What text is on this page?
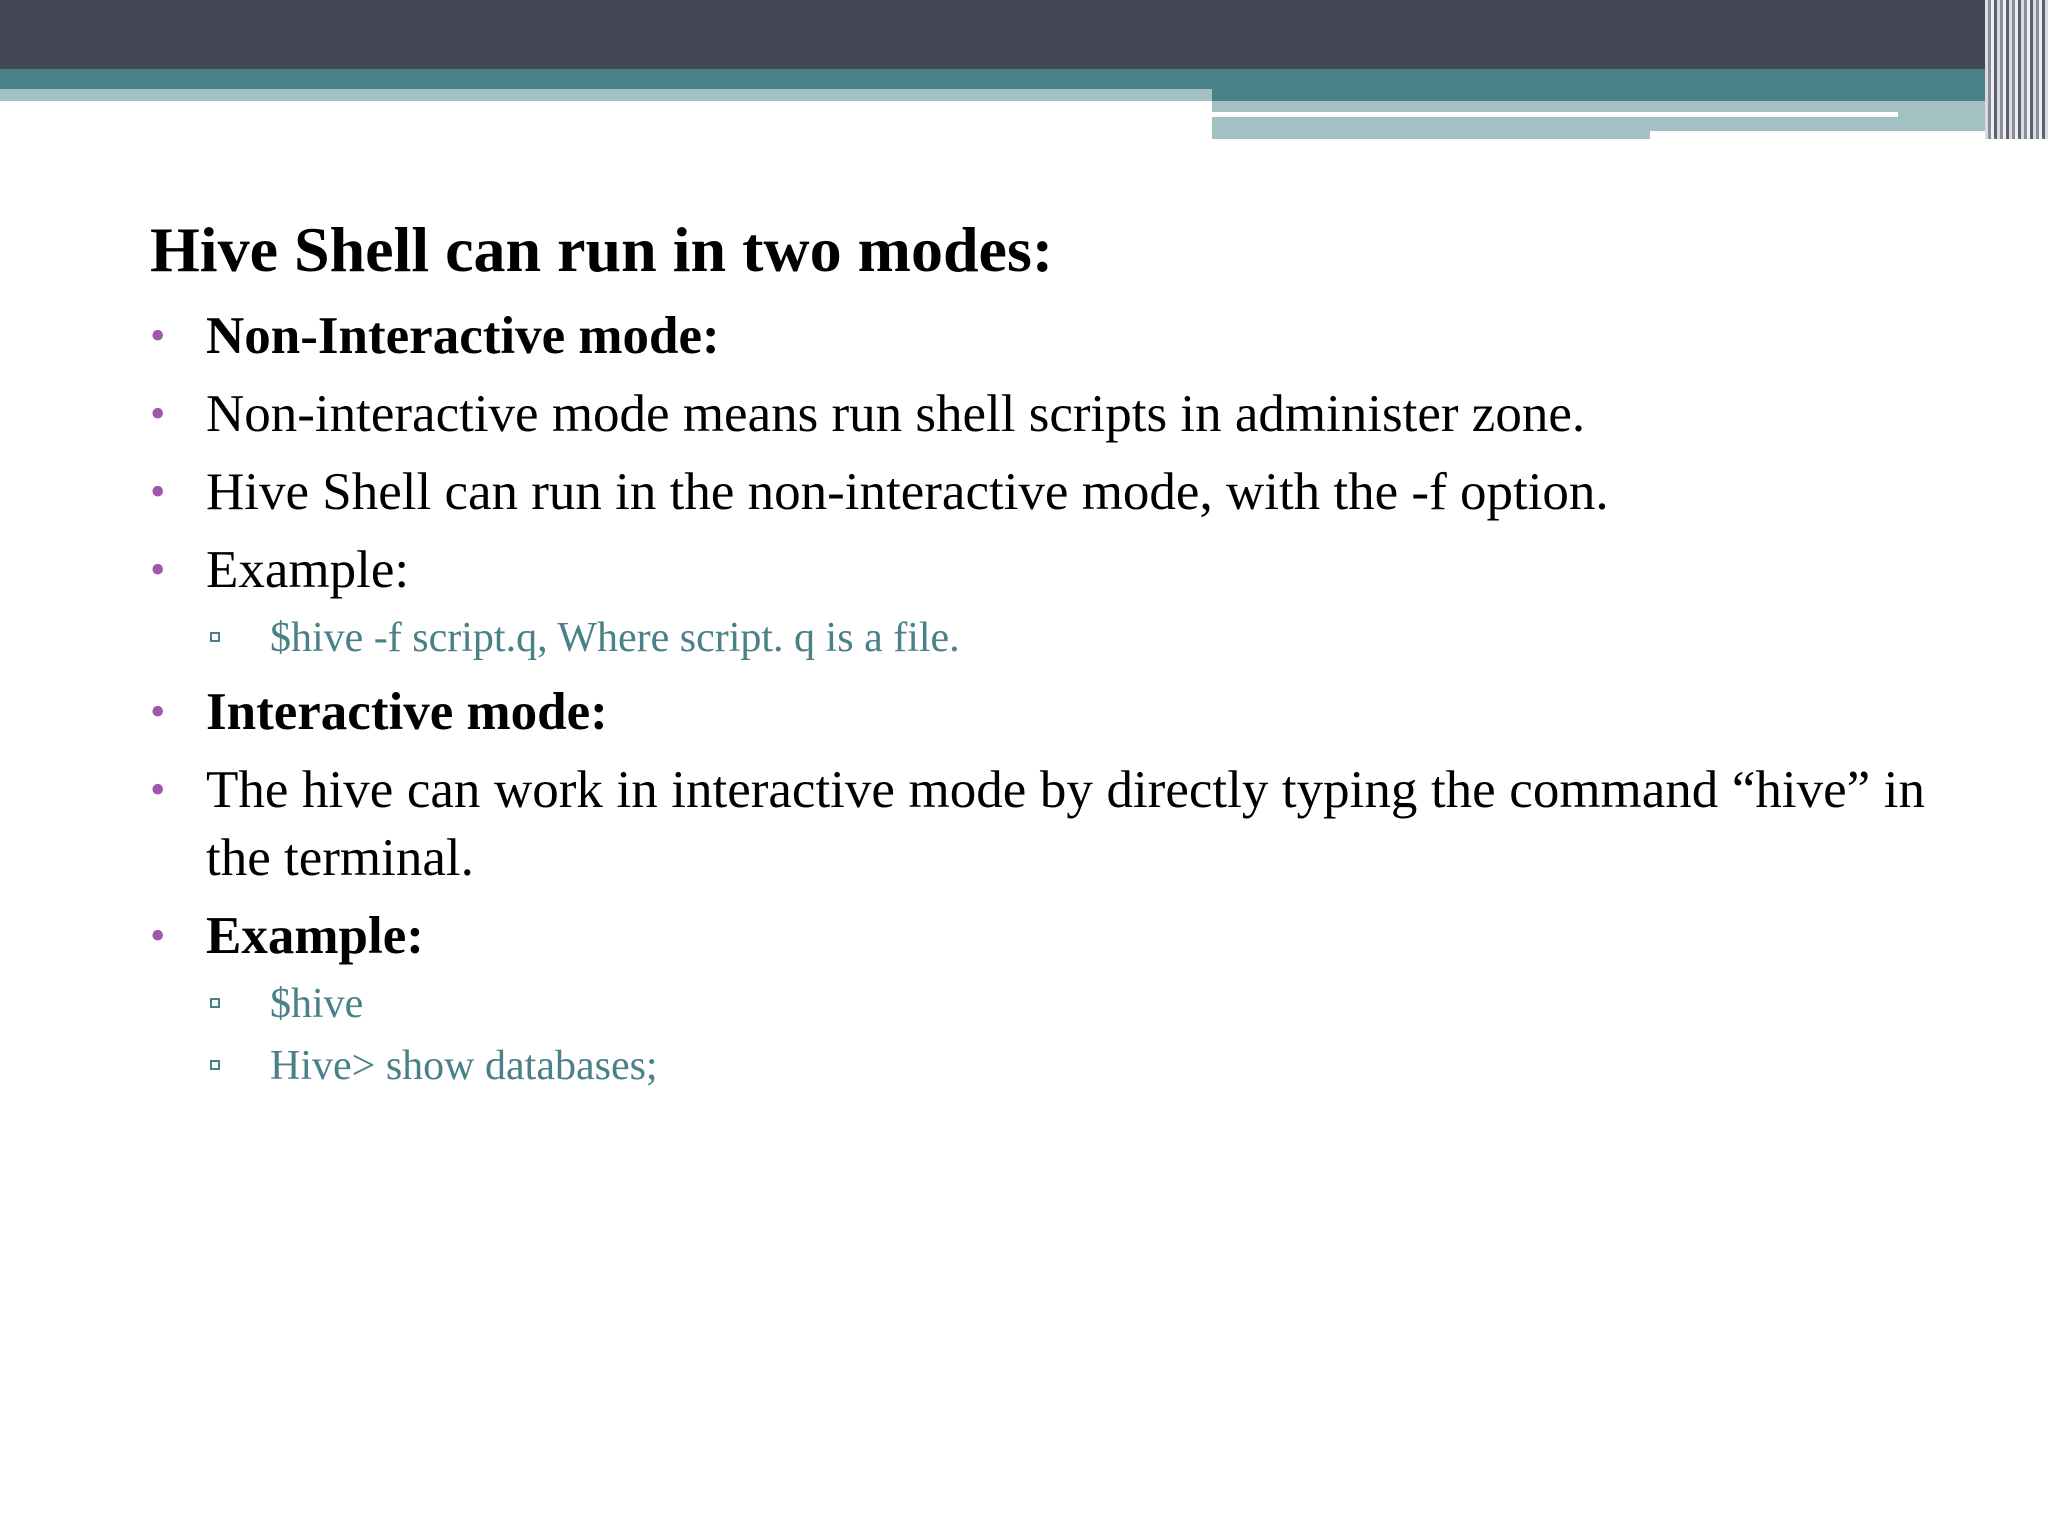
Hive Shell can run in two modes:
• Non-Interactive mode:
• Non-interactive mode means run shell scripts in administer zone.
• Hive Shell can run in the non-interactive mode, with the -f option.
• Example:
$hive -f script.q, Where script. q is a file.
• Interactive mode:
• The hive can work in interactive mode by directly typing the command “hive” in the terminal.
• Example:
$hive
Hive> show databases;
